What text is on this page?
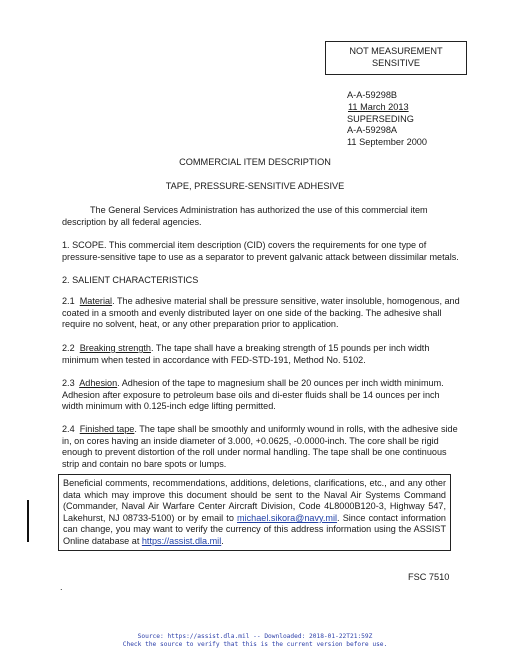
NOT MEASUREMENT
SENSITIVE
A-A-59298B
11 March 2013
SUPERSEDING
A-A-59298A
11 September 2000
COMMERCIAL ITEM DESCRIPTION
TAPE, PRESSURE-SENSITIVE ADHESIVE
The General Services Administration has authorized the use of this commercial item description by all federal agencies.
1. SCOPE. This commercial item description (CID) covers the requirements for one type of pressure-sensitive tape to use as a separator to prevent galvanic attack between dissimilar metals.
2. SALIENT CHARACTERISTICS
2.1 Material. The adhesive material shall be pressure sensitive, water insoluble, homogenous, and coated in a smooth and evenly distributed layer on one side of the backing. The adhesive shall require no solvent, heat, or any other preparation prior to application.
2.2 Breaking strength. The tape shall have a breaking strength of 15 pounds per inch width minimum when tested in accordance with FED-STD-191, Method No. 5102.
2.3 Adhesion. Adhesion of the tape to magnesium shall be 20 ounces per inch width minimum. Adhesion after exposure to petroleum base oils and di-ester fluids shall be 14 ounces per inch width minimum with 0.125-inch edge lifting permitted.
2.4 Finished tape. The tape shall be smoothly and uniformly wound in rolls, with the adhesive side in, on cores having an inside diameter of 3.000, +0.0625, -0.0000-inch. The core shall be rigid enough to prevent distortion of the roll under normal handling. The tape shall be one continuous strip and contain no bare spots or lumps.
Beneficial comments, recommendations, additions, deletions, clarifications, etc., and any other data which may improve this document should be sent to the Naval Air Systems Command (Commander, Naval Air Warfare Center Aircraft Division, Code 4L8000B120-3, Highway 547, Lakehurst, NJ 08733-5100) or by email to michael.sikora@navy.mil. Since contact information can change, you may want to verify the currency of this address information using the ASSIST Online database at https://assist.dla.mil.
FSC 7510
.
Source: https://assist.dla.mil -- Downloaded: 2018-01-22T21:59Z
Check the source to verify that this is the current version before use.
